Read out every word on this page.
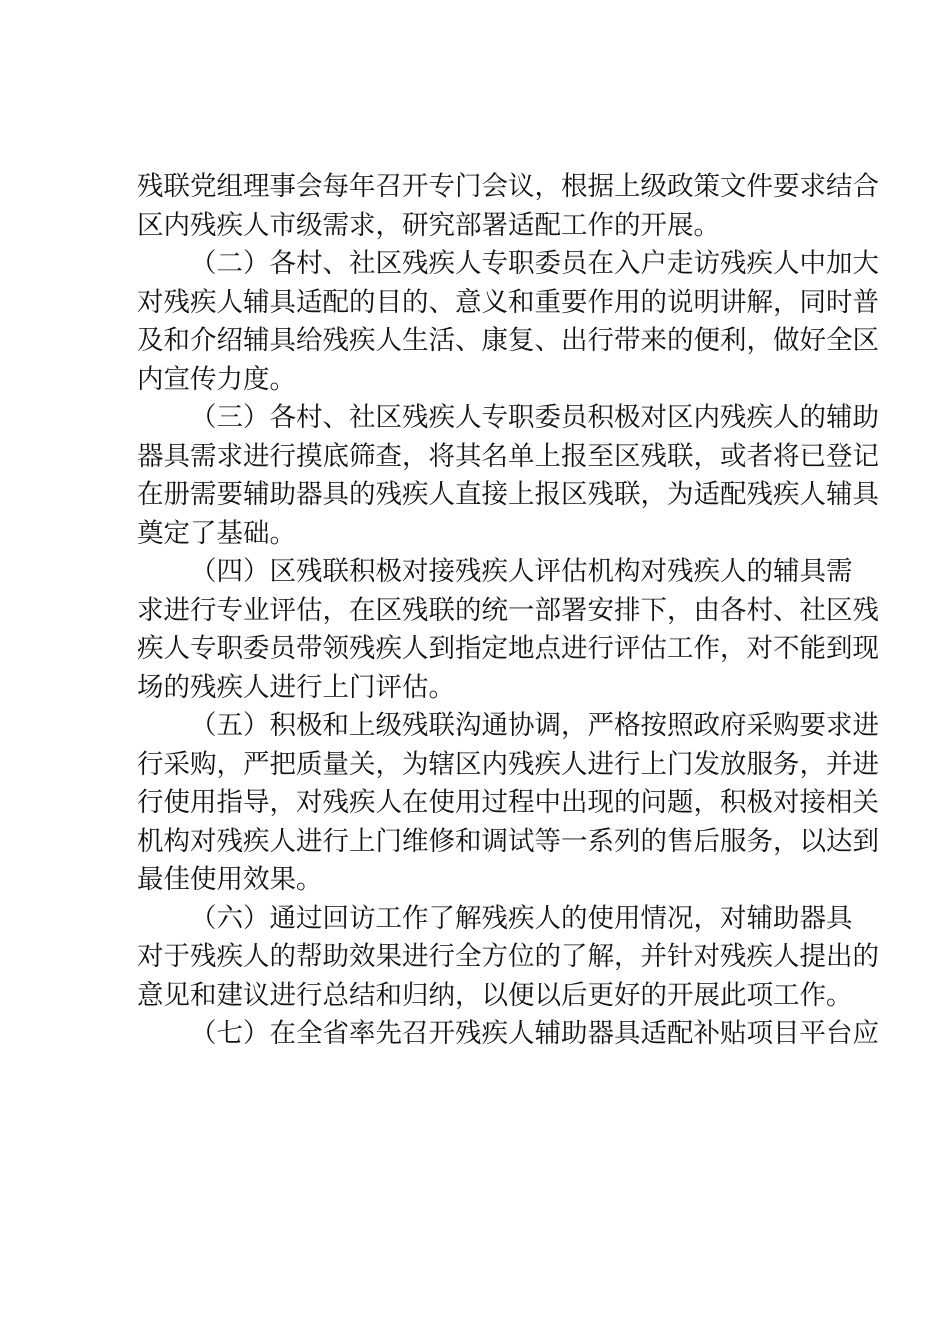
残联党组理事会每年召开专门会议，根据上级政策文件要求结合
区内残疾人市级需求，研究部署适配工作的开展。

（二）各村、社区残疾人专职委员在入户走访残疾人中加大
对残疾人辅具适配的目的、意义和重要作用的说明讲解，同时普
及和介绍辅具给残疾人生活、康复、出行带来的便利，做好全区
内宣传力度。

（三）各村、社区残疾人专职委员积极对区内残疾人的辅助
器具需求进行摸底筛查，将其名单上报至区残联，或者将已登记
在册需要辅助器具的残疾人直接上报区残联，为适配残疾人辅具
奠定了基础。

（四）区残联积极对接残疾人评估机构对残疾人的辅具需
求进行专业评估，在区残联的统一部署安排下，由各村、社区残
疾人专职委员带领残疾人到指定地点进行评估工作，对不能到现
场的残疾人进行上门评估。

（五）积极和上级残联沟通协调，严格按照政府采购要求进
行采购，严把质量关，为辖区内残疾人进行上门发放服务，并进
行使用指导，对残疾人在使用过程中出现的问题，积极对接相关
机构对残疾人进行上门维修和调试等一系列的售后服务，以达到
最佳使用效果。

（六）通过回访工作了解残疾人的使用情况，对辅助器具
对于残疾人的帮助效果进行全方位的了解，并针对残疾人提出的
意见和建议进行总结和归纳，以便以后更好的开展此项工作。

（七）在全省率先召开残疾人辅助器具适配补贴项目平台应
